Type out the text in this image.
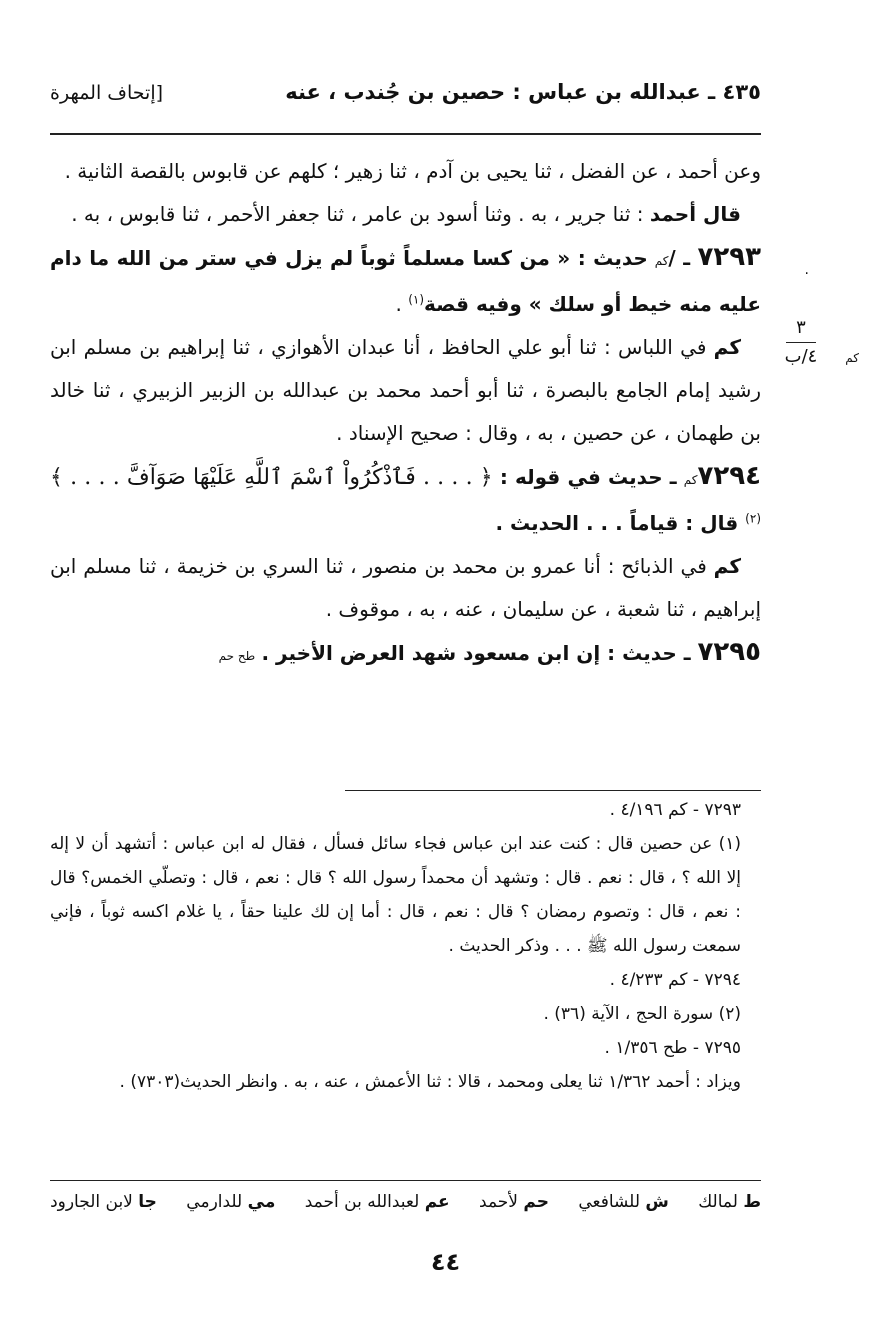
٤٣٥ ـ عبدالله بن عباس : حصين بن جُندب ، عنه
[إتحاف المهرة
.
٣
٤/ب	كم

وعن أحمد ، عن الفضل ، ثنا يحيى بن آدم ، ثنا زهير ؛ كلهم عن قابوس بالقصة الثانية .

قال أحمد : ثنا جرير ، به . وثنا أسود بن عامر ، ثنا جعفر الأحمر ، ثنا قابوس ، به .

٧٢٩٣ ـ /كم حديث : « من كسا مسلماً ثوباً لم يزل في ستر من الله ما دام عليه منه خيط أو سلك » وفيه قصة$^{(١)}$ .

كم في اللباس : ثنا أبو علي الحافظ ، أنا عبدان الأهوازي ، ثنا إبراهيم بن مسلم ابن رشيد إمام الجامع بالبصرة ، ثنا أبو أحمد محمد بن عبدالله بن الزبير الزبيري ، ثنا خالد بن طهمان ، عن حصين ، به ، وقال : صحيح الإسناد .

٧٢٩٤كم ـ حديث في قوله : ﴿ . . . . فَٱذْكُرُواْ ٱسْمَ ٱللَّهِ عَلَيْهَا صَوَآفَّ . . . . ﴾$^{(٢)}$ قال : قياماً . . . الحديث .

كم في الذبائح : أنا عمرو بن محمد بن منصور ، ثنا السري بن خزيمة ، ثنا مسلم ابن إبراهيم ، ثنا شعبة ، عن سليمان ، عنه ، به ، موقوف .

٧٢٩٥ ـ حديث : إن ابن مسعود شهد العرض الأخير . طح حم

٧٢٩٣ - كم ٤/١٩٦ .

(١) عن حصين قال : كنت عند ابن عباس فجاء سائل فسأل ، فقال له ابن عباس : أتشهد أن لا إله إلا الله ؟ ، قال : نعم . قال : وتشهد أن محمداً رسول الله ؟ قال : نعم ، قال : وتصلّي الخمس؟ قال : نعم ، قال : وتصوم رمضان ؟ قال : نعم ، قال : أما إن لك علينا حقاً ، يا غلام اكسه ثوباً ، فإني سمعت رسول الله ﷺ . . . وذكر الحديث .

٧٢٩٤ - كم ٤/٢٣٣ .

(٢) سورة الحج ، الآية (٣٦) .

٧٢٩٥ - طح ١/٣٥٦ .

ويزاد : أحمد ١/٣٦٢ ثنا يعلى ومحمد ، قالا : ثنا الأعمش ، عنه ، به . وانظر الحديث(٧٣٠٣) .

ط لمالك
ش للشافعي
حم لأحمد
عم لعبدالله بن أحمد
مي للدارمي
جا لابن الجارود
٤٤
